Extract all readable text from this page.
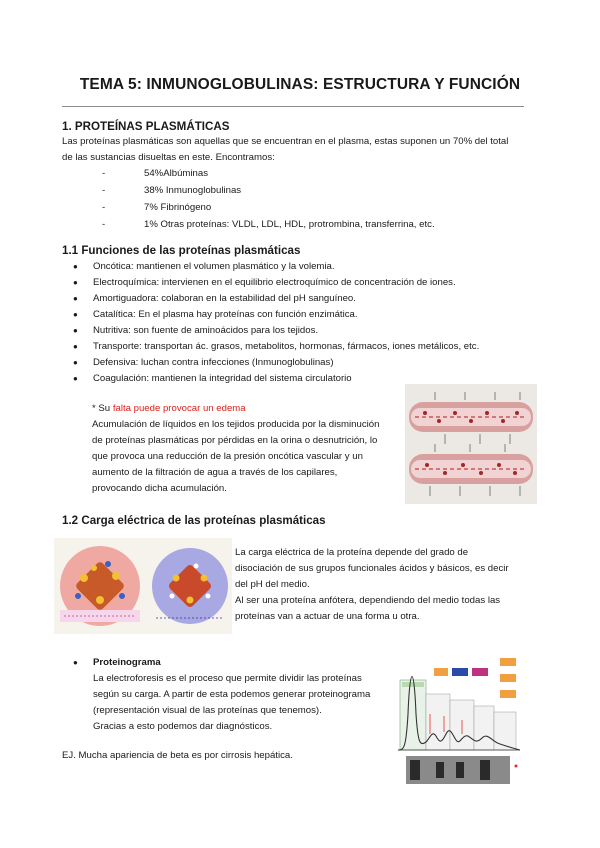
TEMA 5: INMUNOGLOBULINAS: ESTRUCTURA Y FUNCIÓN
1. PROTEÍNAS PLASMÁTICAS

Las proteínas plasmáticas son aquellas que se encuentran en el plasma, estas suponen un 70% del total

de las sustancias disueltas en este. Encontramos:

- 54%Albúminas
- 38% Inmunoglobulinas
- 7% Fibrinógeno
- 1% Otras proteínas: VLDL, LDL, HDL, protrombina, transferrina, etc.
1.1 Funciones de las proteínas plasmáticas
● Oncótica: mantienen el volumen plasmático y la volemia.
● Electroquímica: intervienen en el equilibrio electroquímico de concentración de iones.
● Amortiguadora: colaboran en la estabilidad del pH sanguíneo.
● Catalítica: En el plasma hay proteínas con función enzimática.
● Nutritiva: son fuente de aminoácidos para los tejidos.
● Transporte: transportan ác. grasos, metabolitos, hormonas, fármacos, iones metálicos, etc.
● Defensiva: luchan contra infecciones (Inmunoglobulinas)
● Coagulación: mantienen la integridad del sistema circulatorio

* Su falta puede provocar un edema

Acumulación de líquidos en los tejidos producida por la disminución

de proteínas plasmáticas por pérdidas en la orina o desnutrición, lo

que provoca una reducción de la presión oncótica vascular y un

aumento de la filtración de agua a través de los capilares,

provocando dicha acumulación.

1.2 Carga eléctrica de las proteínas plasmáticas

La carga eléctrica de la proteína depende del grado de

disociación de sus grupos funcionales ácidos y básicos, es decir

del pH del medio.

Al ser una proteína anfótera, dependiendo del medio todas las

proteínas van a actuar de una forma u otra.

● Proteinograma

La electroforesis es el proceso que permite dividir las proteínas

según su carga. A partir de esta podemos generar proteinograma

(representación visual de las proteínas que tenemos).

Gracias a esto podemos dar diagnósticos.

EJ. Mucha apariencia de beta es por cirrosis hepática.
